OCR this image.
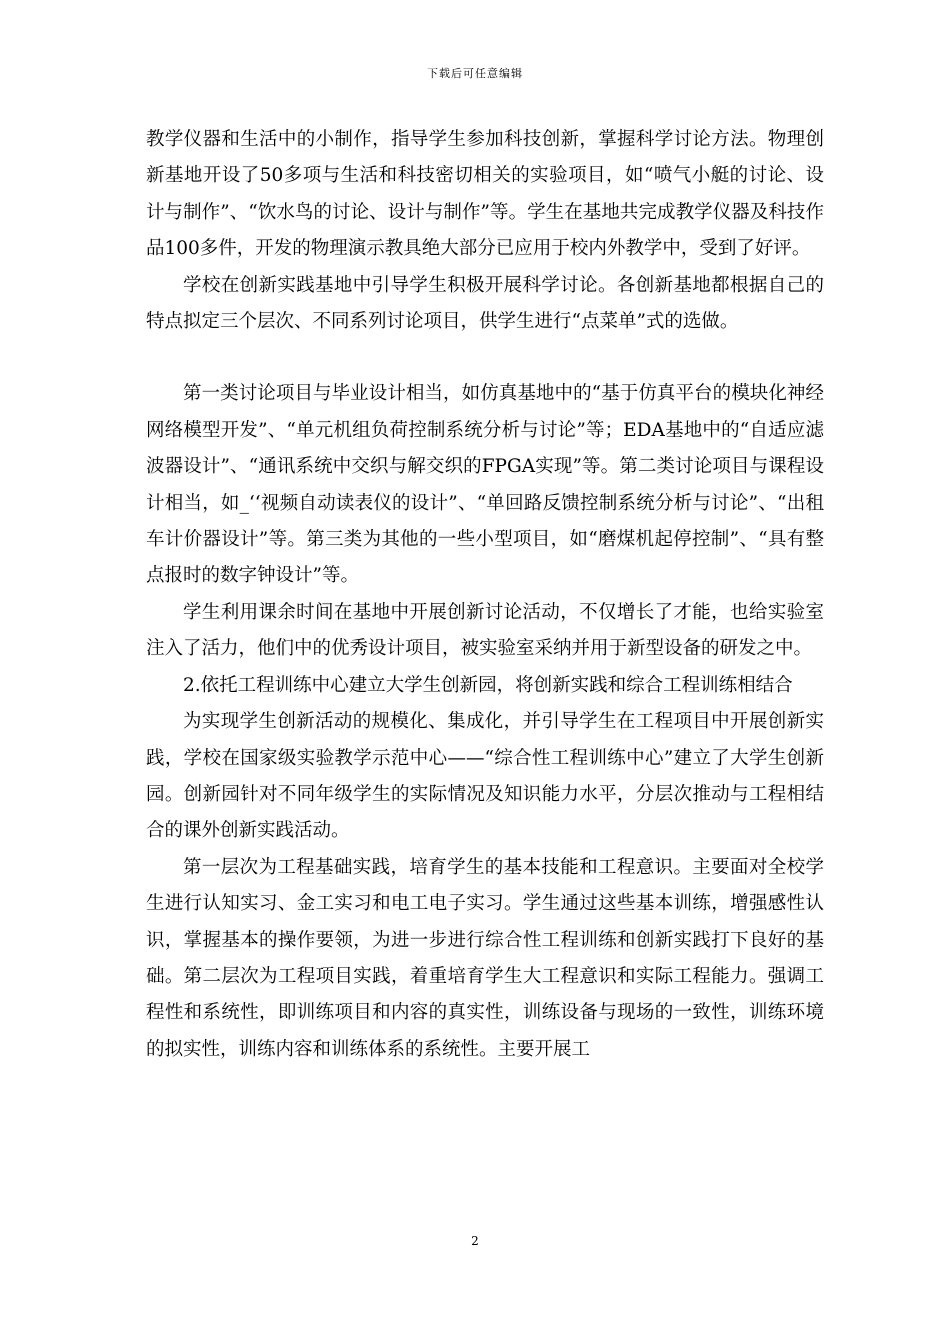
下载后可任意编辑

教学仪器和生活中的小制作，指导学生参加科技创新，掌握科学讨论方法。物理创新基地开设了50多项与生活和科技密切相关的实验项目，如“喷气小艇的讨论、设计与制作”、“饮水鸟的讨论、设计与制作”等。学生在基地共完成教学仪器及科技作品100多件，开发的物理演示教具绝大部分已应用于校内外教学中，受到了好评。

学校在创新实践基地中引导学生积极开展科学讨论。各创新基地都根据自己的特点拟定三个层次、不同系列讨论项目，供学生进行“点菜单”式的选做。

第一类讨论项目与毕业设计相当，如仿真基地中的“基于仿真平台的模块化神经网络模型开发”、“单元机组负荷控制系统分析与讨论”等；EDA基地中的“自适应滤波器设计”、“通讯系统中交织与解交织的FPGA实现”等。第二类讨论项目与课程设计相当，如_‘‘视频自动读表仪的设计”、“单回路反馈控制系统分析与讨论”、“出租车计价器设计”等。第三类为其他的一些小型项目，如“磨煤机起停控制”、“具有整点报时的数字钟设计”等。

学生利用课余时间在基地中开展创新讨论活动，不仅增长了才能，也给实验室注入了活力，他们中的优秀设计项目，被实验室采纳并用于新型设备的研发之中。

2.依托工程训练中心建立大学生创新园，将创新实践和综合工程训练相结合

为实现学生创新活动的规模化、集成化，并引导学生在工程项目中开展创新实践，学校在国家级实验教学示范中心——“综合性工程训练中心”建立了大学生创新园。创新园针对不同年级学生的实际情况及知识能力水平，分层次推动与工程相结合的课外创新实践活动。

第一层次为工程基础实践，培育学生的基本技能和工程意识。主要面对全校学生进行认知实习、金工实习和电工电子实习。学生通过这些基本训练，增强感性认识，掌握基本的操作要领，为进一步进行综合性工程训练和创新实践打下良好的基础。第二层次为工程项目实践，着重培育学生大工程意识和实际工程能力。强调工程性和系统性，即训练项目和内容的真实性，训练设备与现场的一致性，训练环境的拟实性，训练内容和训练体系的系统性。主要开展工

2
